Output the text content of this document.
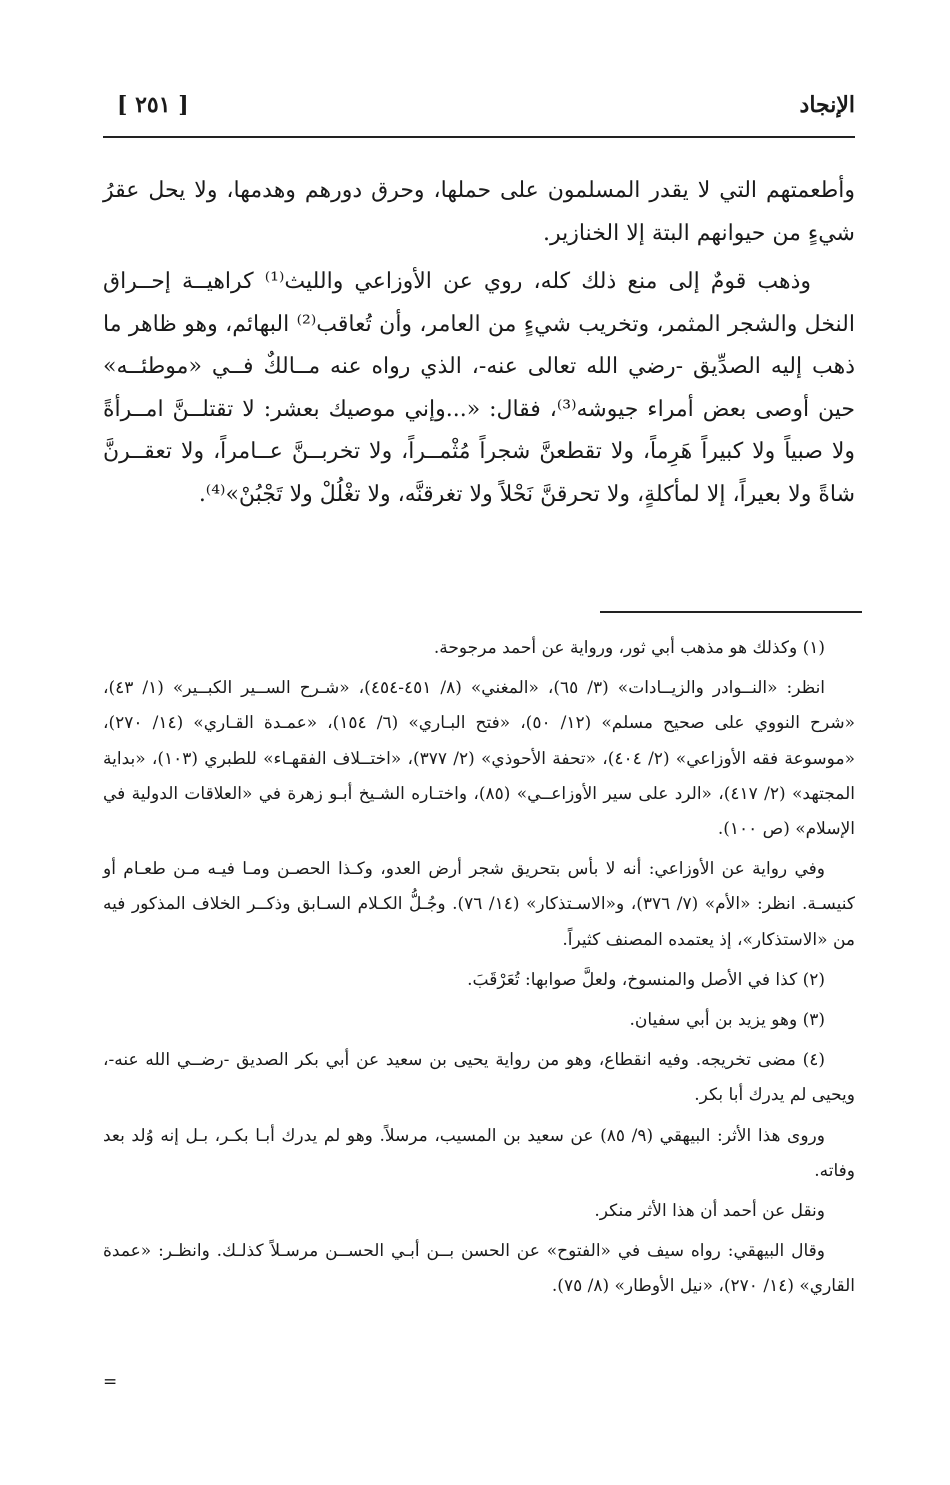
الإنجاد
[ ٢٥١ ]

وأطعمتهم التي لا يقدر المسلمون على حملها، وحرق دورهم وهدمها، ولا يحل عقرُ شيءٍ من حيوانهم البتة إلا الخنازير.

وذهب قومٌ إلى منع ذلك كله، روي عن الأوزاعي والليث⁽¹⁾ كراهيــة إحــراق النخل والشجر المثمر، وتخريب شيءٍ من العامر، وأن تُعاقب⁽²⁾ البهائم، وهو ظاهر ما ذهب إليه الصدِّيق -رضي الله تعالى عنه-، الذي رواه عنه مــالكٌ فــي «موطئــه» حين أوصى بعض أمراء جيوشه⁽³⁾، فقال: «...وإني موصيك بعشر: لا تقتلــنَّ امــرأةً ولا صبياً ولا كبيراً هَرِماً، ولا تقطعنَّ شجراً مُثْمــراً، ولا تخربــنَّ عــامراً، ولا تعقــرنَّ شاةً ولا بعيراً، إلا لمأكلةٍ، ولا تحرقنَّ نَحْلاً ولا تغرقنَّه، ولا تغْلُلْ ولا تَجْبُنْ»⁽⁴⁾.

(١) وكذلك هو مذهب أبي ثور، ورواية عن أحمد مرجوحة.

انظر: «النــوادر والزيــادات» (٣/ ٦٥)، «المغني» (٨/ ٤٥١-٤٥٤)، «شـرح الســير الكبــير» (١/ ٤٣)، «شرح النووي على صحيح مسلم» (١٢/ ٥٠)، «فتح البـاري» (٦/ ١٥٤)، «عمـدة القـاري» (١٤/ ٢٧٠)، «موسوعة فقه الأوزاعي» (٢/ ٤٠٤)، «تحفة الأحوذي» (٢/ ٣٧٧)، «اختــلاف الفقهـاء» للطبري (١٠٣)، «بداية المجتهد» (٢/ ٤١٧)، «الرد على سير الأوزاعــي» (٨٥)، واختـاره الشـيخ أبـو زهرة في «العلاقات الدولية في الإسلام» (ص ١٠٠).

وفي رواية عن الأوزاعي: أنه لا بأس بتحريق شجر أرض العدو، وكـذا الحصـن ومـا فيـه مـن طعـام أو كنيسـة. انظر: «الأم» (٧/ ٣٧٦)، و«الاسـتذكار» (١٤/ ٧٦). وجُـلُّ الكـلام السـابق وذكــر الخلاف المذكور فيه من «الاستذكار»، إذ يعتمده المصنف كثيراً.

(٢) كذا في الأصل والمنسوخ، ولعلَّ صوابها: تُعَرْقَبَ.

(٣) وهو يزيد بن أبي سفيان.

(٤) مضى تخريجه. وفيه انقطاع، وهو من رواية يحيى بن سعيد عن أبي بكر الصديق -رضــي الله عنه-، ويحيى لم يدرك أبا بكر.

وروى هذا الأثر: البيهقي (٩/ ٨٥) عن سعيد بن المسيب، مرسلاً. وهو لم يدرك أبـا بكـر، بـل إنه وُلد بعد وفاته.

ونقل عن أحمد أن هذا الأثر منكر.

وقال البيهقي: رواه سيف في «الفتوح» عن الحسن بــن أبـي الحســن مرسـلاً كذلـك. وانظـر: «عمدة القاري» (١٤/ ٢٧٠)، «نيل الأوطار» (٨/ ٧٥).

=
